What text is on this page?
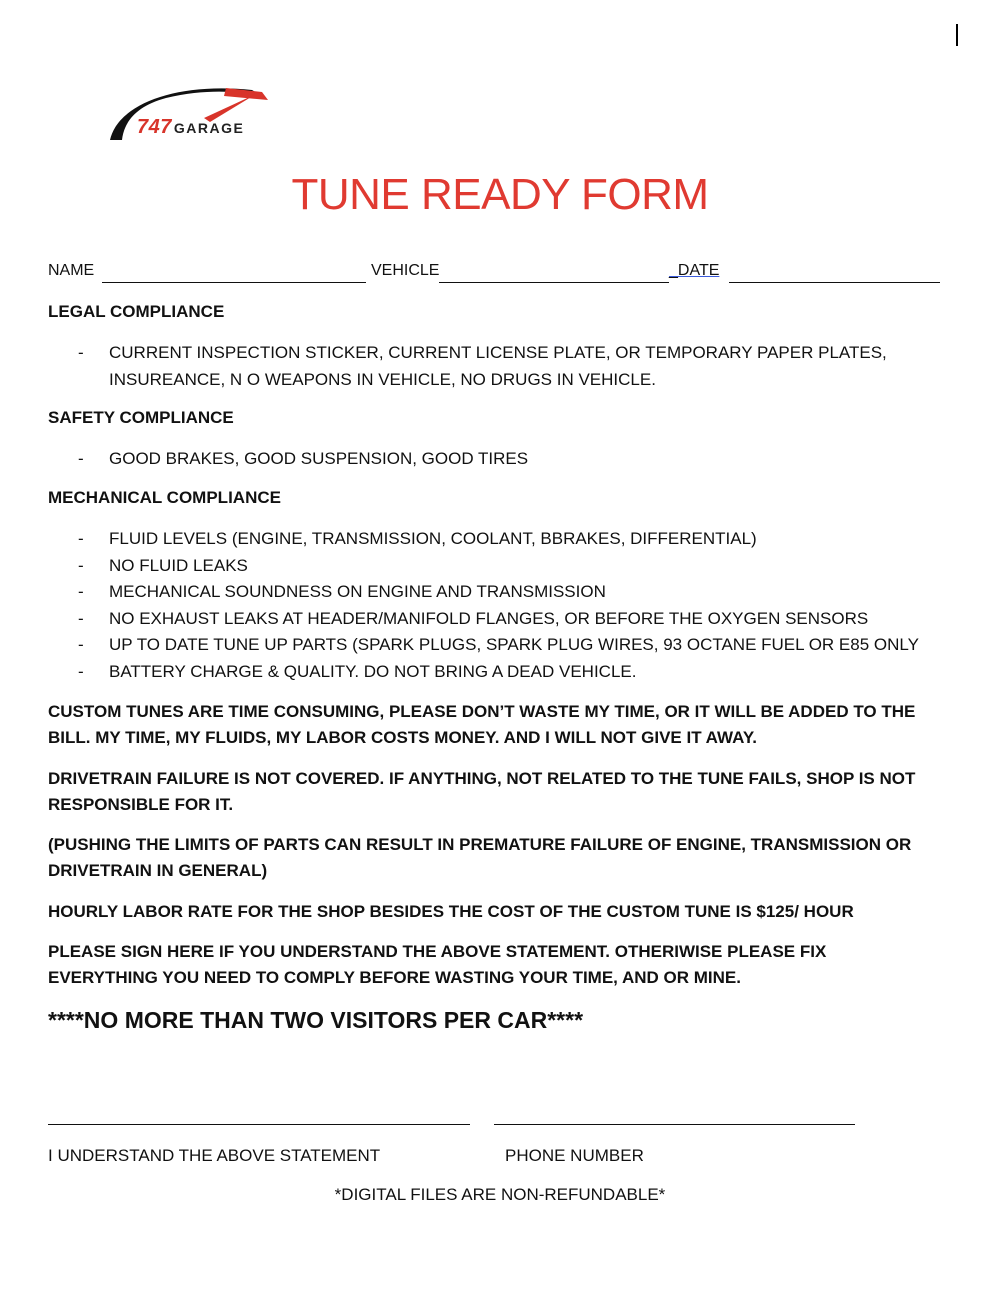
747 GARAGE
TUNE READY FORM
NAME	VEHICLE	_DATE
LEGAL COMPLIANCE
- CURRENT INSPECTION STICKER, CURRENT LICENSE PLATE, OR TEMPORARY PAPER PLATES,
INSUREANCE, N O WEAPONS IN VEHICLE, NO DRUGS IN VEHICLE.
SAFETY COMPLIANCE
- GOOD BRAKES, GOOD SUSPENSION, GOOD TIRES
MECHANICAL COMPLIANCE
- FLUID LEVELS (ENGINE, TRANSMISSION, COOLANT, BBRAKES, DIFFERENTIAL)
- NO FLUID LEAKS
- MECHANICAL SOUNDNESS ON ENGINE AND TRANSMISSION
- NO EXHAUST LEAKS AT HEADER/MANIFOLD FLANGES, OR BEFORE THE OXYGEN SENSORS
- UP TO DATE TUNE UP PARTS (SPARK PLUGS, SPARK PLUG WIRES, 93 OCTANE FUEL OR E85 ONLY
- BATTERY CHARGE & QUALITY. DO NOT BRING A DEAD VEHICLE.
CUSTOM TUNES ARE TIME CONSUMING, PLEASE DON’T WASTE MY TIME, OR IT WILL BE ADDED TO THE BILL. MY TIME, MY FLUIDS, MY LABOR COSTS MONEY. AND I WILL NOT GIVE IT AWAY.
DRIVETRAIN FAILURE IS NOT COVERED. IF ANYTHING, NOT RELATED TO THE TUNE FAILS, SHOP IS NOT RESPONSIBLE FOR IT.
(PUSHING THE LIMITS OF PARTS CAN RESULT IN PREMATURE FAILURE OF ENGINE, TRANSMISSION OR DRIVETRAIN IN GENERAL)
HOURLY LABOR RATE FOR THE SHOP BESIDES THE COST OF THE CUSTOM TUNE IS $125/ HOUR
PLEASE SIGN HERE IF YOU UNDERSTAND THE ABOVE STATEMENT. OTHERIWISE PLEASE FIX EVERYTHING YOU NEED TO COMPLY BEFORE WASTING YOUR TIME, AND OR MINE.
****NO MORE THAN TWO VISITORS PER CAR****
I UNDERSTAND THE ABOVE STATEMENT	PHONE NUMBER
*DIGITAL FILES ARE NON-REFUNDABLE*
